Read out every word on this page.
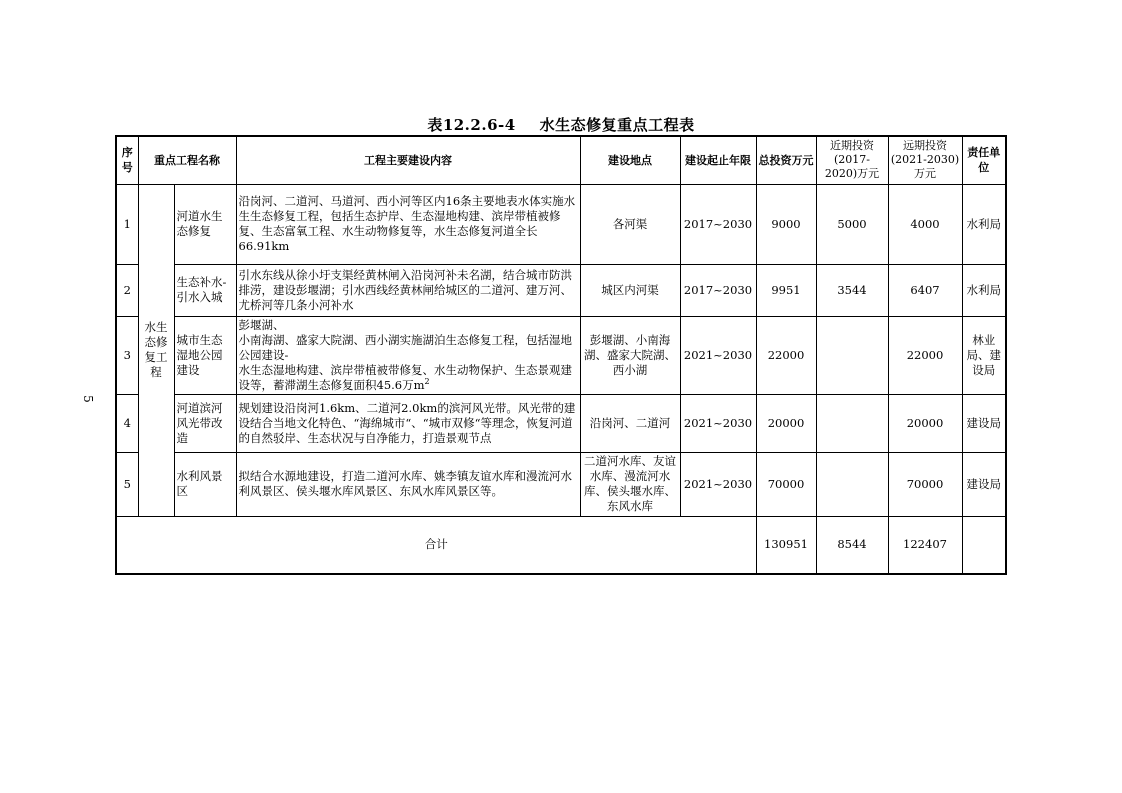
表12.2.6-4 水生态修复重点工程表
5
序号	重点工程名称		工程主要建设内容	建设地点	建设起止年限	总投资万元	近期投资(2017-2020)万元	远期投资(2021-2030)万元	责任单位
1	水生态修复工程	河道水生态修复	沿岗河、二道河、马道河、西小河等区内16条主要地表水体实施水生生态修复工程，包括生态护岸、生态湿地构建、滨岸带植被修复、生态富氧工程、水生动物修复等，水生态修复河道全长66.91km	各河渠	2017~2030	9000	5000	4000	水利局
2		生态补水-引水入城	引水东线从徐小圩支渠经黄林闸入沿岗河补未名湖，结合城市防洪排涝，建设彭堰湖；引水西线经黄林闸给城区的二道河、建万河、尤桥河等几条小河补水	城区内河渠	2017~2030	9951	3544	6407	水利局
3		城市生态湿地公园建设	彭堰湖、
小南海湖、盛家大院湖、西小湖实施湖泊生态修复工程，包括湿地公园建设-
水生态湿地构建、滨岸带植被带修复、水生动物保护、生态景观建设等，蓄滞湖生态修复面积45.6万$m^2$	彭堰湖、小南海湖、盛家大院湖、西小湖	2021~2030	22000		22000	林业局、建设局
4		河道滨河风光带改造	规划建设沿岗河1.6km、二道河2.0km的滨河风光带。风光带的建设结合当地文化特色、“海绵城市“、“城市双修“等理念，恢复河道的自然驳岸、生态状况与自净能力，打造景观节点	沿岗河、二道河	2021~2030	20000		20000	建设局
5		水利风景区	拟结合水源地建设，打造二道河水库、姚李镇友谊水库和漫流河水利风景区、侯头堰水库风景区、东风水库风景区等。	二道河水库、友谊水库、漫流河水库、侯头堰水库、东风水库	2021~2030	70000		70000	建设局
合计						130951	8544	122407	
